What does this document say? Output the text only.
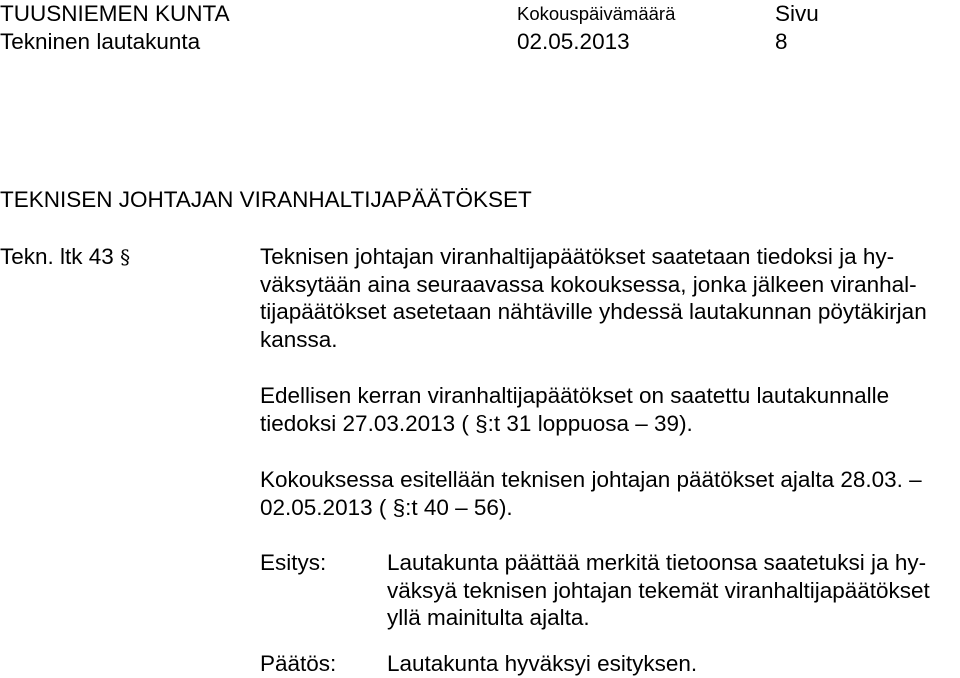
TUUSNIEMEN KUNTA
Tekninen lautakunta
Kokouspäivämäärä
02.05.2013
Sivu
8
TEKNISEN JOHTAJAN VIRANHALTIJAPÄÄTÖKSET
Tekn. ltk 43 §	Teknisen johtajan viranhaltijapäätökset saatetaan tiedoksi ja hy-
väksytään aina seuraavassa kokouksessa, jonka jälkeen viranhal-
tijapäätökset asetetaan nähtäville yhdessä lautakunnan pöytäkirjan
kanssa.
Edellisen kerran viranhaltijapäätökset on saatettu lautakunnalle
tiedoksi 27.03.2013 ( §:t 31 loppuosa – 39).
Kokouksessa esitellään teknisen johtajan päätökset ajalta 28.03. –
02.05.2013 ( §:t 40 – 56).
Esitys:	Lautakunta päättää merkitä tietoonsa saatetuksi ja hy-
väksyä teknisen johtajan tekemät viranhaltijapäätökset
yllä mainitulta ajalta.
Päätös: Lautakunta hyväksyi esityksen.
